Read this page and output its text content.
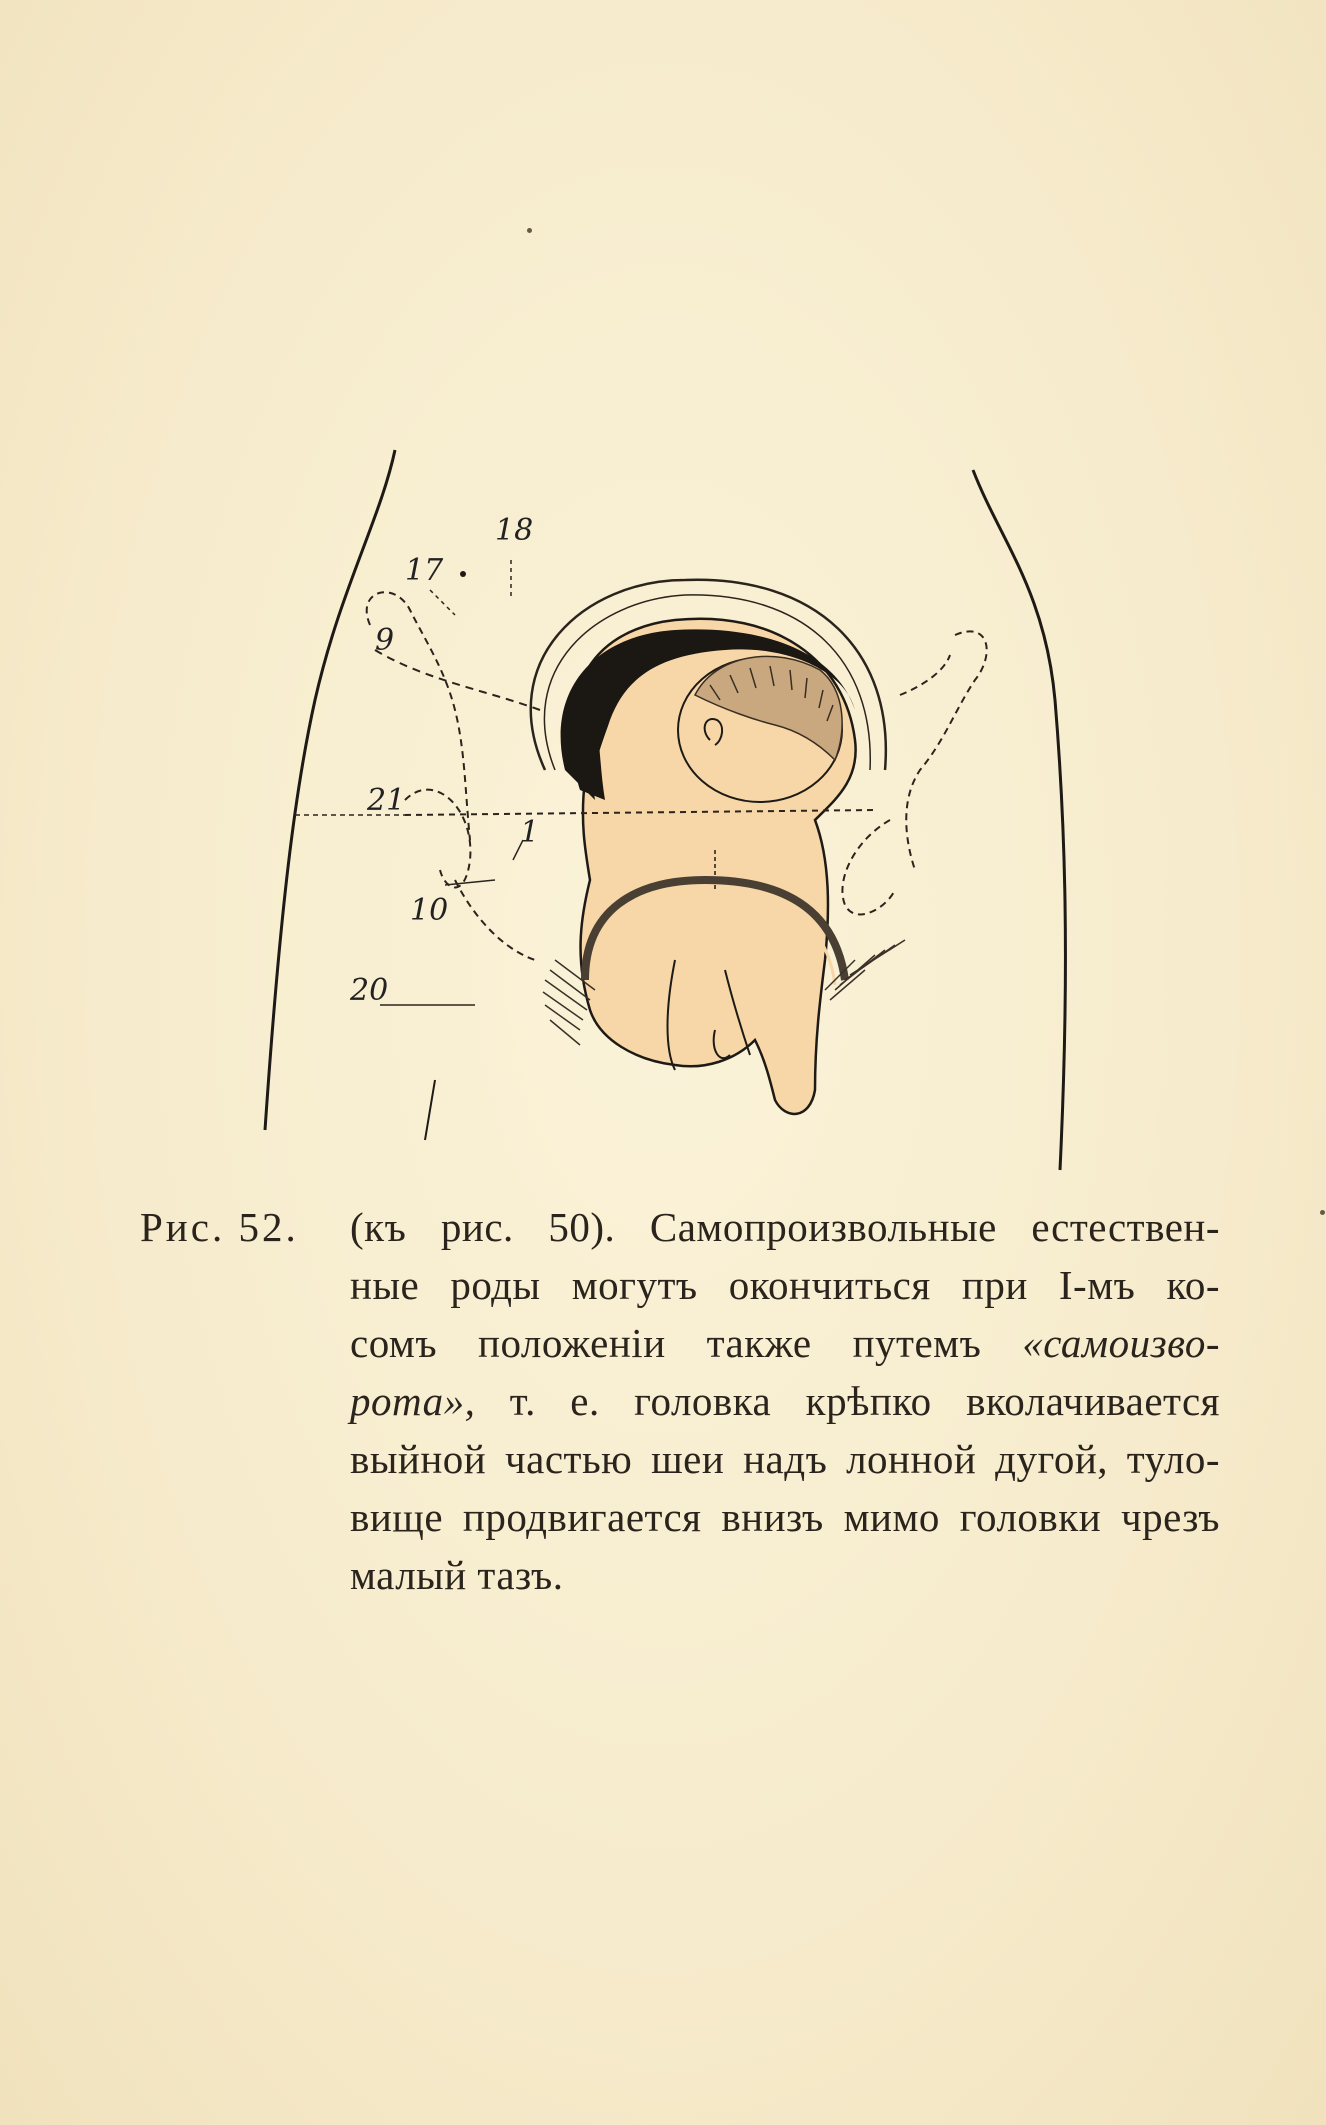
18
17
9
21
1
10
20
Рис. 52.	(къ рис. 50). Самопроизвольные естествен-
ные роды могутъ окончиться при Ӏ-мъ ко-
сомъ положенiи также путемъ «самоизво-
рота», т. е. головка крѣпко вколачивается
выйной частью шеи надъ лонной дугой, туло-
вище продвигается внизъ мимо головки чрезъ
малый тазъ.
